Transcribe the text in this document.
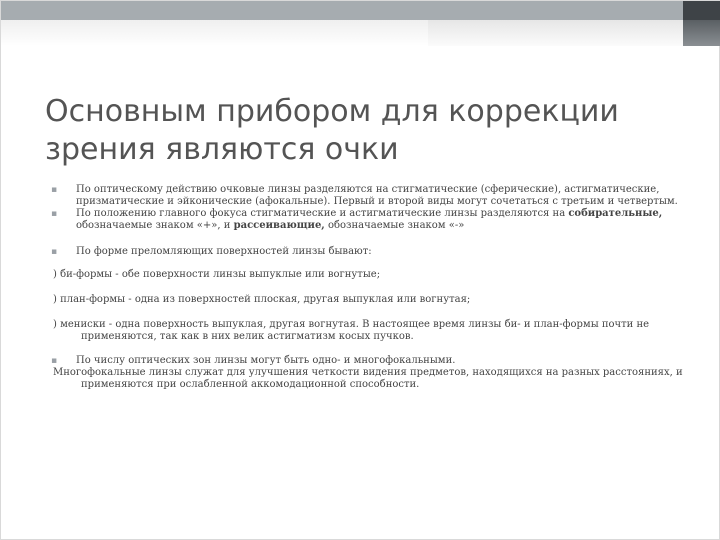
Основным прибором для коррекции зрения являются очки

▪	По оптическому действию очковые линзы разделяются на стигматические (сферические), астигматические, призматические и эйконические (афокальные). Первый и второй виды могут сочетаться с третьим и четвертым.

▪	По положению главного фокуса стигматические и астигматические линзы разделяются на собирательные, обозначаемые знаком «+», и рассеивающие, обозначаемые знаком «-»

▪	По форме преломляющих поверхностей линзы бывают:

) би-формы - обе поверхности линзы выпуклые или вогнутые;

) план-формы - одна из поверхностей плоская, другая выпуклая или вогнутая;

) мениски - одна поверхность выпуклая, другая вогнутая. В настоящее время линзы би- и план-формы почти не применяются, так как в них велик астигматизм косых пучков.

▪	По числу оптических зон линзы могут быть одно- и многофокальными.

Многофокальные линзы служат для улучшения четкости видения предметов, находящихся на разных расстояниях, и применяются при ослабленной аккомодационной способности.
